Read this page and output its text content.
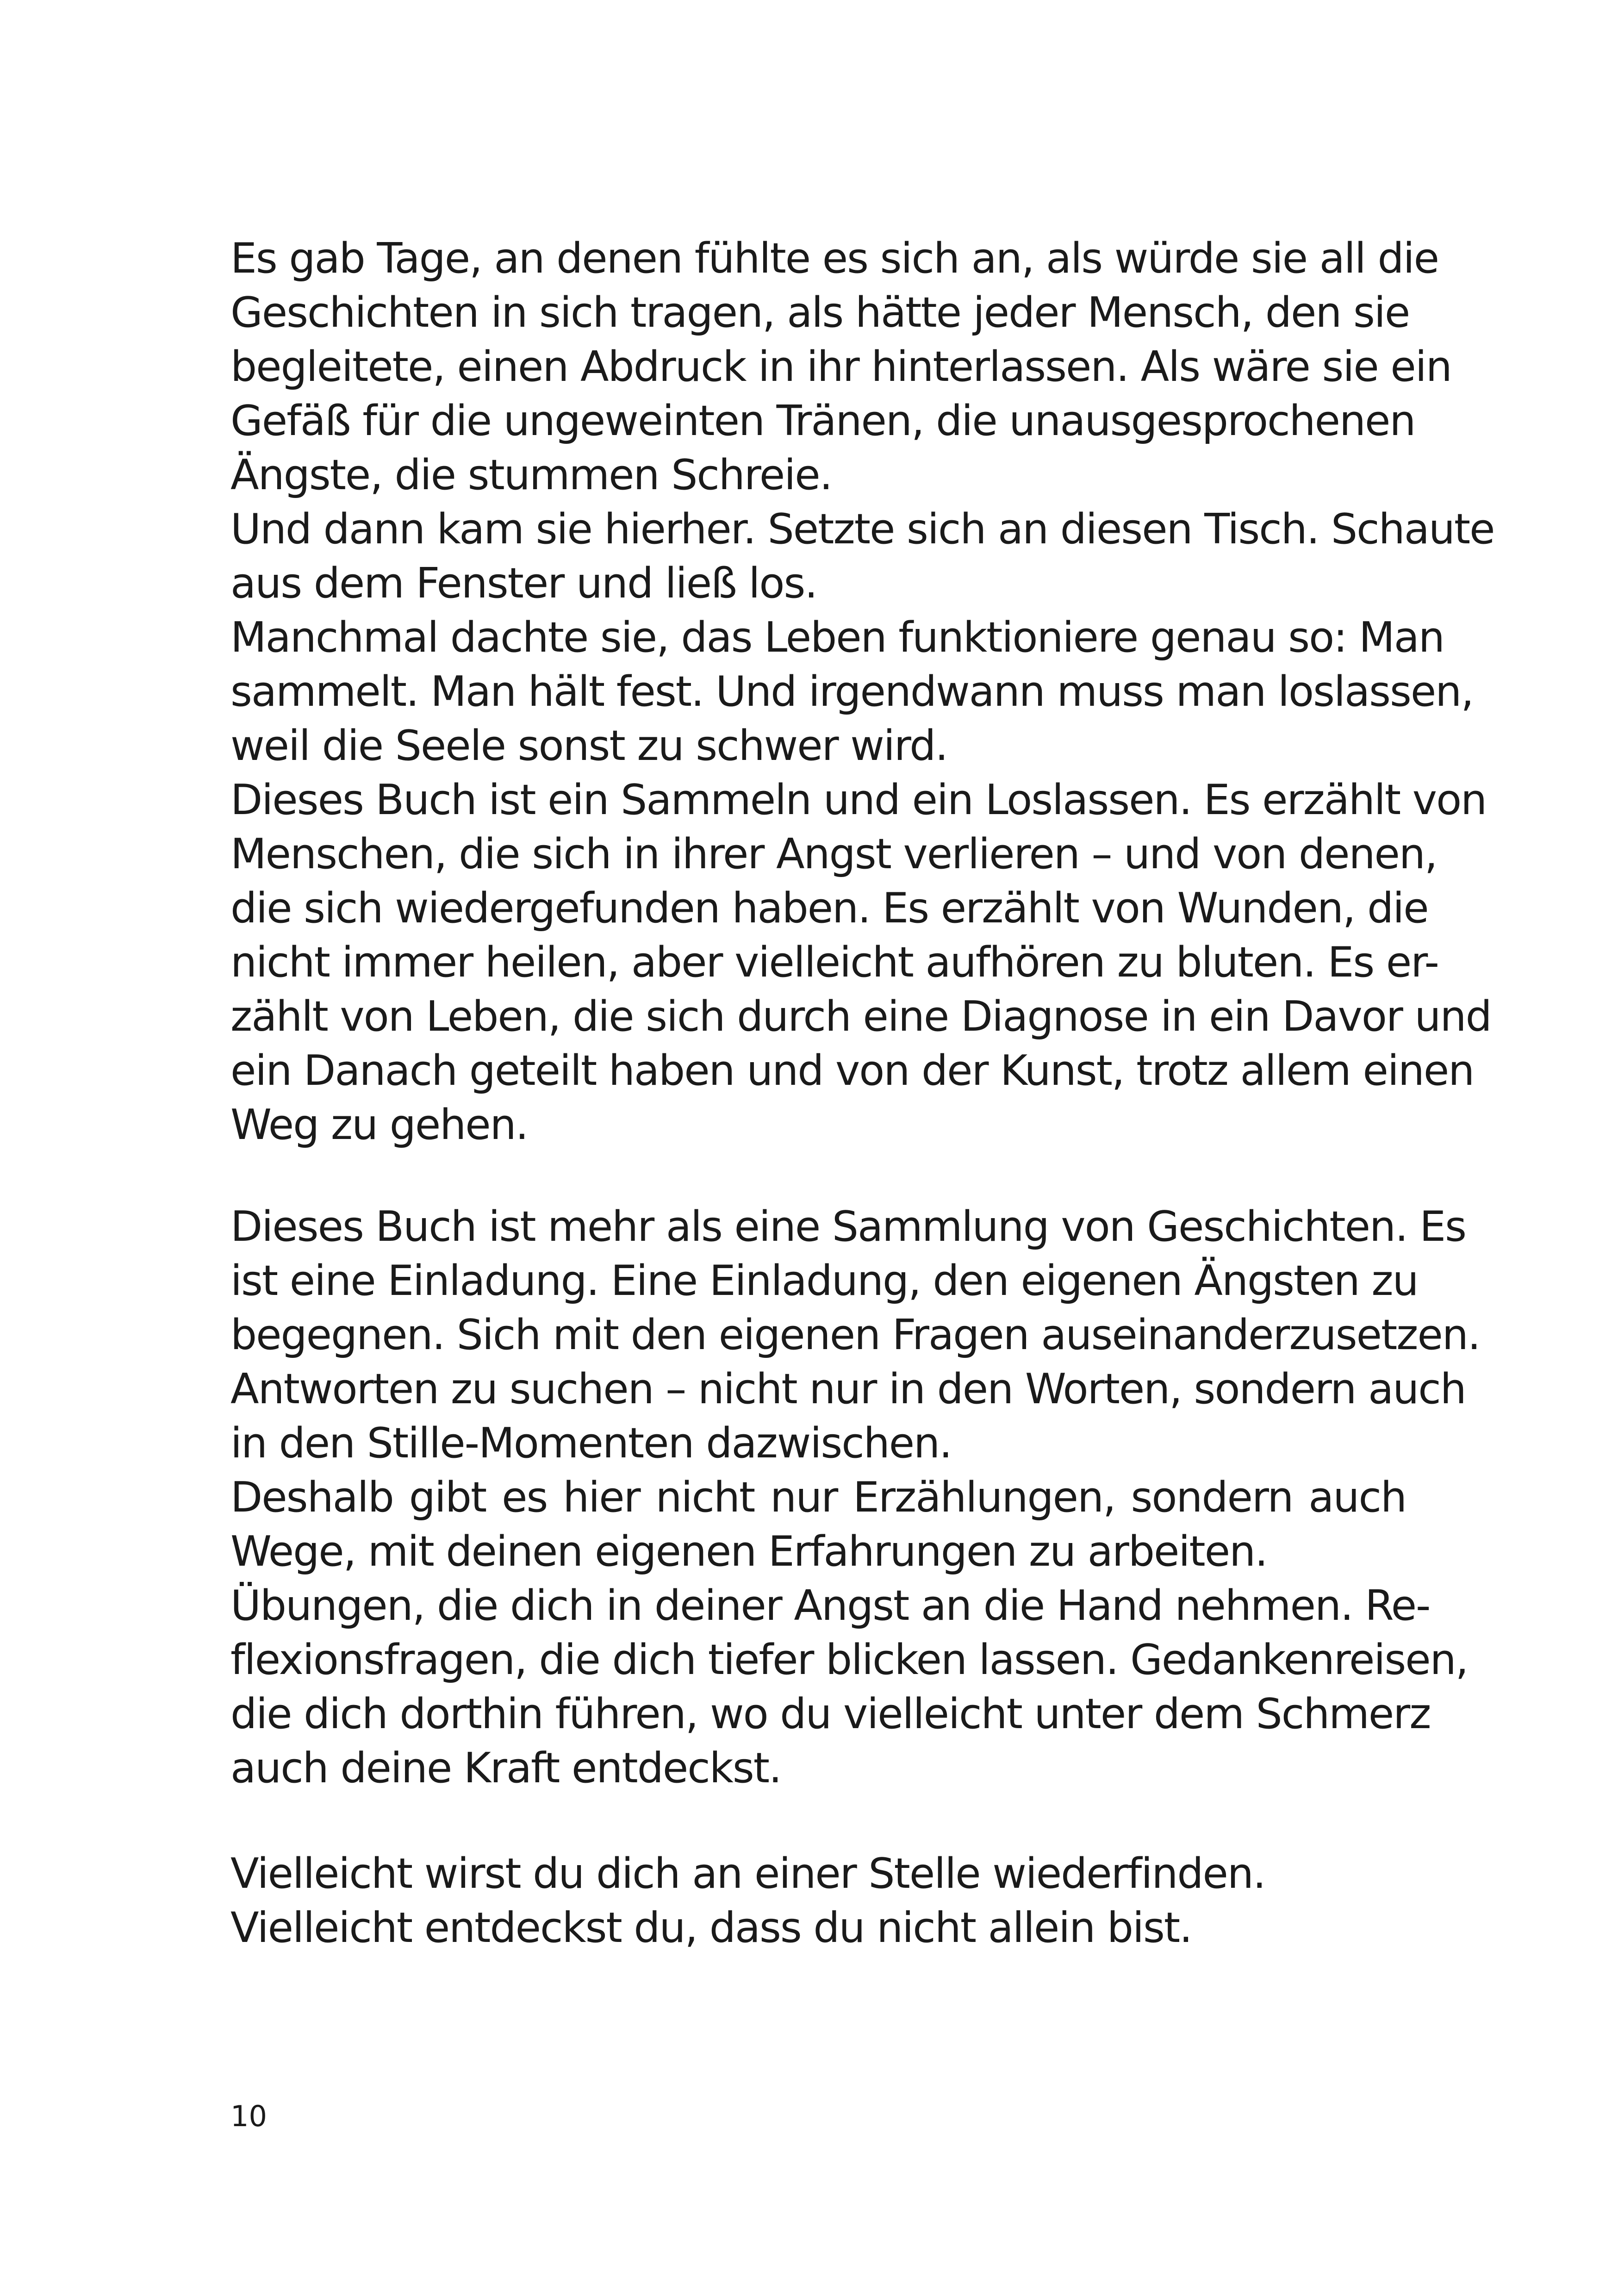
Es gab Tage, an denen fühlte es sich an, als würde sie all die
Geschichten in sich tragen, als hätte jeder Mensch, den sie
begleitete, einen Abdruck in ihr hinterlassen. Als wäre sie ein
Gefäß für die ungeweinten Tränen, die unausgesprochenen
Ängste, die stummen Schreie.
Und dann kam sie hierher. Setzte sich an diesen Tisch. Schaute
aus dem Fenster und ließ los.
Manchmal dachte sie, das Leben funktioniere genau so: Man
sammelt. Man hält fest. Und irgendwann muss man loslassen,
weil die Seele sonst zu schwer wird.
Dieses Buch ist ein Sammeln und ein Loslassen. Es erzählt von
Menschen, die sich in ihrer Angst verlieren – und von denen,
die sich wiedergefunden haben. Es erzählt von Wunden, die
nicht immer heilen, aber vielleicht aufhören zu bluten. Es er-
zählt von Leben, die sich durch eine Diagnose in ein Davor und
ein Danach geteilt haben und von der Kunst, trotz allem einen
Weg zu gehen.
Dieses Buch ist mehr als eine Sammlung von Geschichten. Es
ist eine Einladung. Eine Einladung, den eigenen Ängsten zu
begegnen. Sich mit den eigenen Fragen auseinanderzusetzen.
Antworten zu suchen – nicht nur in den Worten, sondern auch
in den Stille-Momenten dazwischen.
Deshalb gibt es hier nicht nur Erzählungen, sondern auch
Wege, mit deinen eigenen Erfahrungen zu arbeiten.
Übungen, die dich in deiner Angst an die Hand nehmen. Re-
flexionsfragen, die dich tiefer blicken lassen. Gedankenreisen,
die dich dorthin führen, wo du vielleicht unter dem Schmerz
auch deine Kraft entdeckst.
Vielleicht wirst du dich an einer Stelle wiederfinden.
Vielleicht entdeckst du, dass du nicht allein bist.
10
